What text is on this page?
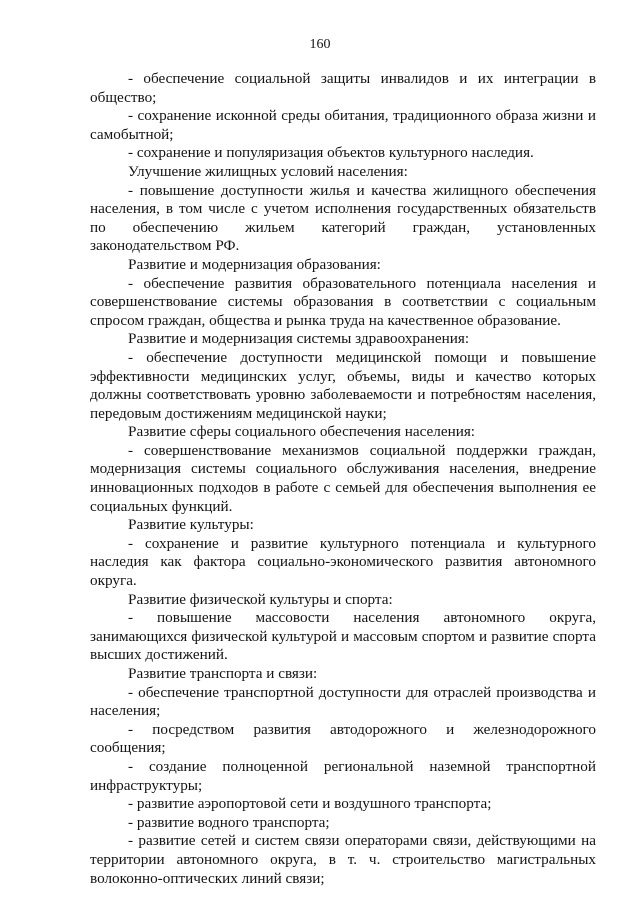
160

- обеспечение социальной защиты инвалидов и их интеграции в общество;

- сохранение исконной среды обитания, традиционного образа жизни и самобытной;

- сохранение и популяризация объектов культурного наследия.

Улучшение жилищных условий населения:

- повышение доступности жилья и качества жилищного обеспечения населения, в том числе с учетом исполнения государственных обязательств по обеспечению жильем категорий граждан, установленных законодательством РФ.

Развитие и модернизация образования:

- обеспечение развития образовательного потенциала населения и совершенствование системы образования в соответствии с социальным спросом граждан, общества и рынка труда на качественное образование.

Развитие и модернизация системы здравоохранения:

- обеспечение доступности медицинской помощи и повышение эффективности медицинских услуг, объемы, виды и качество которых должны соответствовать уровню заболеваемости и потребностям населения, передовым достижениям медицинской науки;

Развитие сферы социального обеспечения населения:

- совершенствование механизмов социальной поддержки граждан, модернизация системы социального обслуживания населения, внедрение инновационных подходов в работе с семьей для обеспечения выполнения ее социальных функций.

Развитие культуры:

- сохранение и развитие культурного потенциала и культурного наследия как фактора социально-экономического развития автономного округа.

Развитие физической культуры и спорта:

- повышение массовости населения автономного округа, занимающихся физической культурой и массовым спортом и развитие спорта высших достижений.

Развитие транспорта и связи:

- обеспечение транспортной доступности для отраслей производства и населения;

- посредством развития автодорожного и железнодорожного сообщения;

- создание полноценной региональной наземной транспортной инфраструктуры;

- развитие аэропортовой сети и воздушного транспорта;

- развитие водного транспорта;

- развитие сетей и систем связи операторами связи, действующими на территории автономного округа, в т. ч. строительство магистральных волоконно-оптических линий связи;
